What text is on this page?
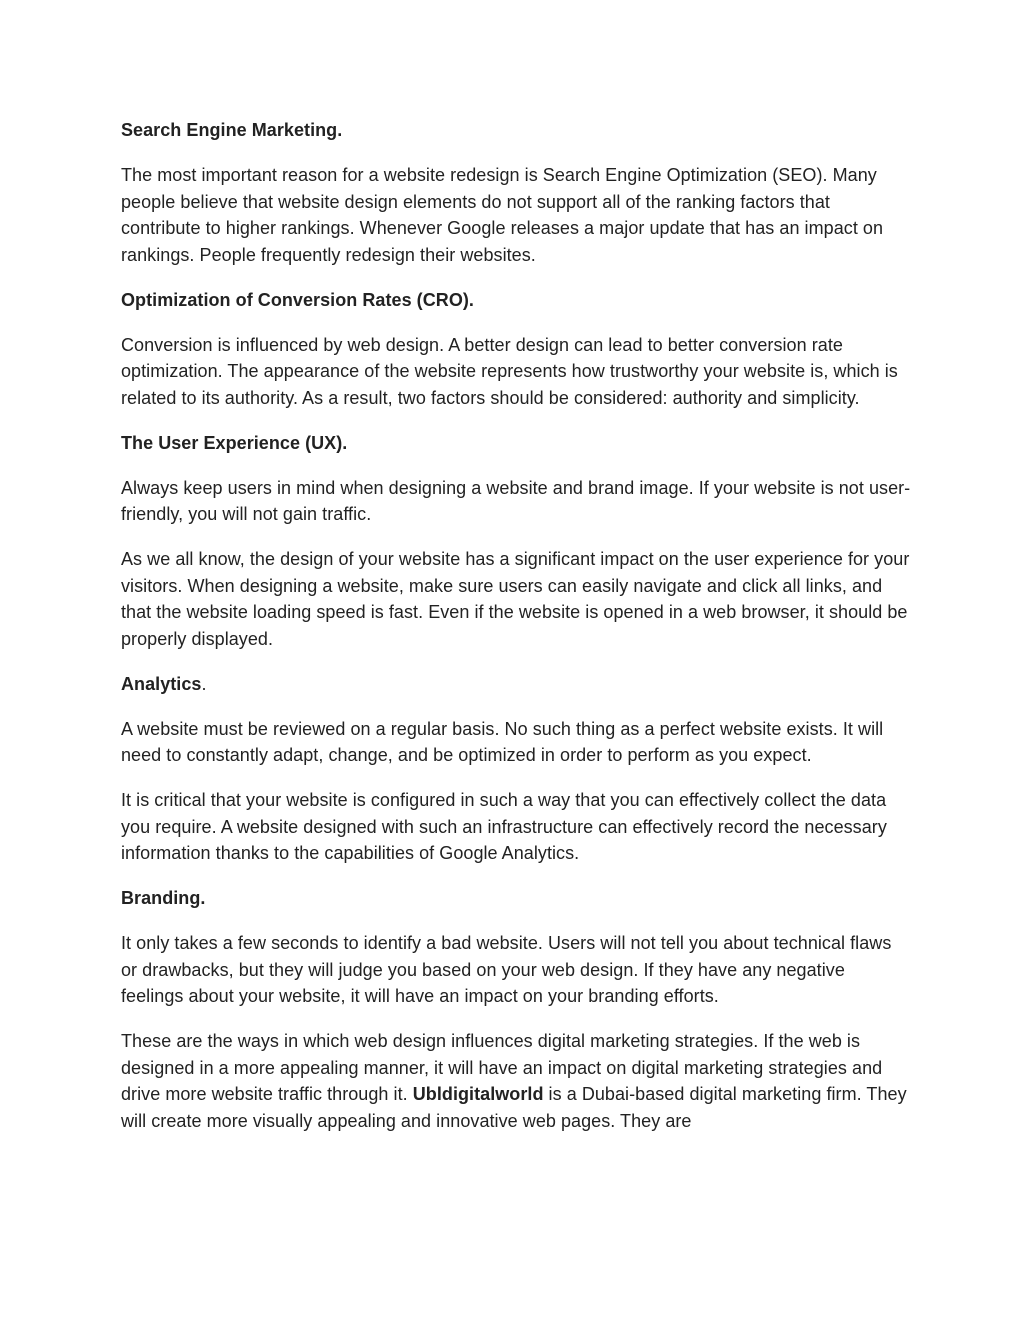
Search Engine Marketing.

The most important reason for a website redesign is Search Engine Optimization (SEO). Many people believe that website design elements do not support all of the ranking factors that contribute to higher rankings. Whenever Google releases a major update that has an impact on rankings. People frequently redesign their websites.

Optimization of Conversion Rates (CRO).

Conversion is influenced by web design. A better design can lead to better conversion rate optimization. The appearance of the website represents how trustworthy your website is, which is related to its authority. As a result, two factors should be considered: authority and simplicity.

The User Experience (UX).

Always keep users in mind when designing a website and brand image. If your website is not user-friendly, you will not gain traffic.

As we all know, the design of your website has a significant impact on the user experience for your visitors. When designing a website, make sure users can easily navigate and click all links, and that the website loading speed is fast. Even if the website is opened in a web browser, it should be properly displayed.

Analytics.

A website must be reviewed on a regular basis. No such thing as a perfect website exists. It will need to constantly adapt, change, and be optimized in order to perform as you expect.

It is critical that your website is configured in such a way that you can effectively collect the data you require. A website designed with such an infrastructure can effectively record the necessary information thanks to the capabilities of Google Analytics.

Branding.

It only takes a few seconds to identify a bad website. Users will not tell you about technical flaws or drawbacks, but they will judge you based on your web design. If they have any negative feelings about your website, it will have an impact on your branding efforts.

These are the ways in which web design influences digital marketing strategies. If the web is designed in a more appealing manner, it will have an impact on digital marketing strategies and drive more website traffic through it. Ubldigitalworld is a Dubai-based digital marketing firm. They will create more visually appealing and innovative web pages. They are
